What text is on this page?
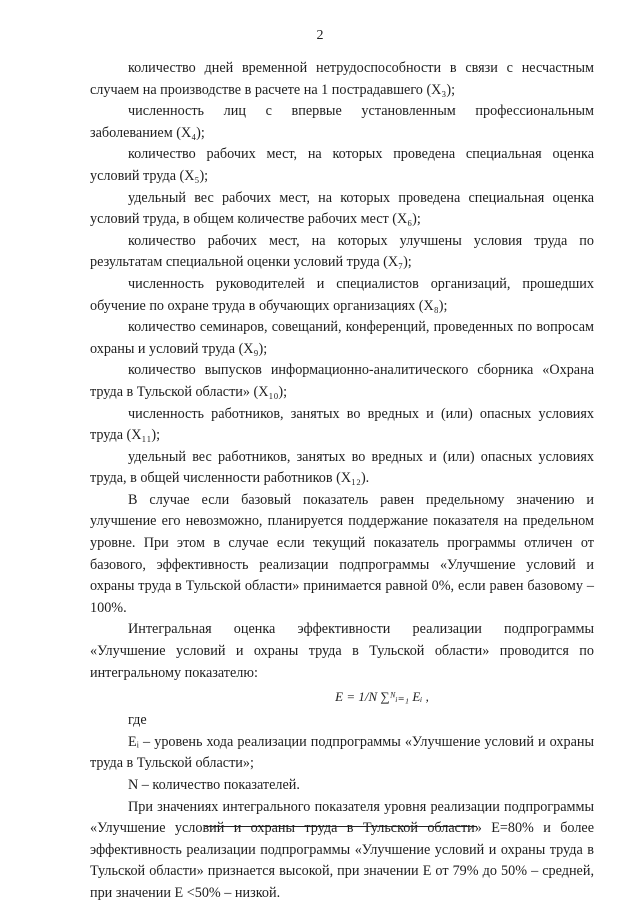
2

количество дней временной нетрудоспособности в связи с несчастным случаем на производстве в расчете на 1 пострадавшего (X₃);

численность лиц с впервые установленным профессиональным заболеванием (X₄);

количество рабочих мест, на которых проведена специальная оценка условий труда (X₅);

удельный вес рабочих мест, на которых проведена специальная оценка условий труда, в общем количестве рабочих мест (X₆);

количество рабочих мест, на которых улучшены условия труда по результатам специальной оценки условий труда (X₇);

численность руководителей и специалистов организаций, прошедших обучение по охране труда в обучающих организациях (X₈);

количество семинаров, совещаний, конференций, проведенных по вопросам охраны и условий труда (X₉);

количество выпусков информационно-аналитического сборника «Охрана труда в Тульской области» (X₁₀);

численность работников, занятых во вредных и (или) опасных условиях труда (X₁₁);

удельный вес работников, занятых во вредных и (или) опасных условиях труда, в общей численности работников (X₁₂).

В случае если базовый показатель равен предельному значению и улучшение его невозможно, планируется поддержание показателя на предельном уровне. При этом в случае если текущий показатель программы отличен от базового, эффективность реализации подпрограммы «Улучшение условий и охраны труда в Тульской области» принимается равной 0%, если равен базовому – 100%.

Интегральная оценка эффективности реализации подпрограммы «Улучшение условий и охраны труда в Тульской области» проводится по интегральному показателю:

E = 1/N ∑ᴺᵢ₌₁ Eᵢ ,

где

Eᵢ – уровень хода реализации подпрограммы «Улучшение условий и охраны труда в Тульской области»;

N – количество показателей.

При значениях интегрального показателя уровня реализации подпрограммы «Улучшение условий и охраны труда в Тульской области» E=80% и более эффективность реализации подпрограммы «Улучшение условий и охраны труда в Тульской области» признается высокой, при значении E от 79% до 50% – средней, при значении E <50% – низкой.
